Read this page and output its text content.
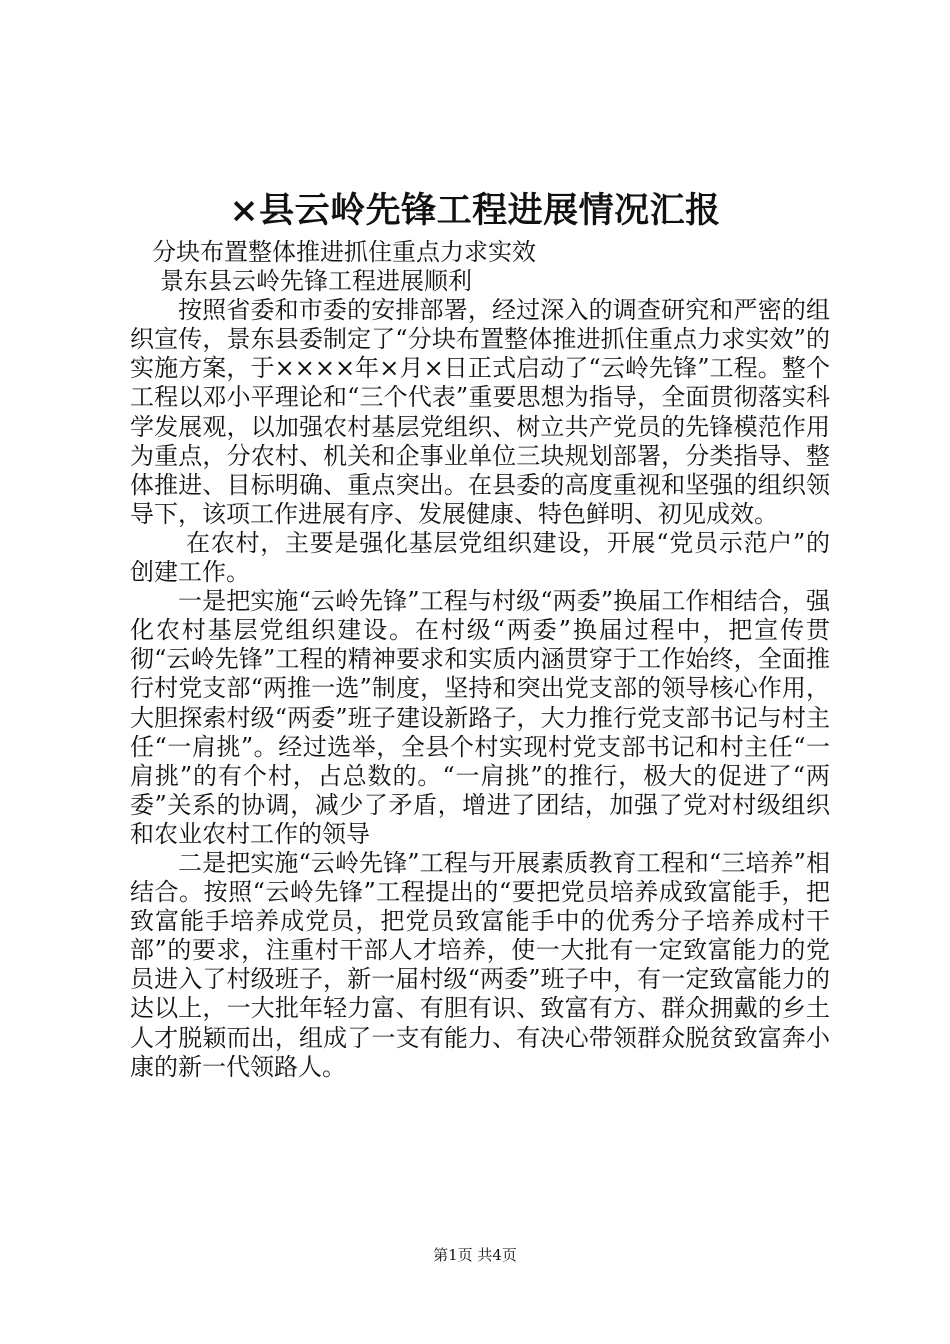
×县云岭先锋工程进展情况汇报

分块布置整体推进抓住重点力求实效

景东县云岭先锋工程进展顺利

按照省委和市委的安排部署，经过深入的调查研究和严密的组织宣传，景东县委制定了“分块布置整体推进抓住重点力求实效”的实施方案，于××××年×月×日正式启动了“云岭先锋”工程。整个工程以邓小平理论和“三个代表”重要思想为指导，全面贯彻落实科学发展观，以加强农村基层党组织、树立共产党员的先锋模范作用为重点，分农村、机关和企事业单位三块规划部署，分类指导、整体推进、目标明确、重点突出。在县委的高度重视和坚强的组织领导下，该项工作进展有序、发展健康、特色鲜明、初见成效。

在农村，主要是强化基层党组织建设，开展“党员示范户”的创建工作。

一是把实施“云岭先锋”工程与村级“两委”换届工作相结合，强化农村基层党组织建设。在村级“两委”换届过程中，把宣传贯彻“云岭先锋”工程的精神要求和实质内涵贯穿于工作始终，全面推行村党支部“两推一选”制度，坚持和突出党支部的领导核心作用，大胆探索村级“两委”班子建设新路子，大力推行党支部书记与村主任“一肩挑”。经过选举，全县个村实现村党支部书记和村主任“一肩挑”的有个村，占总数的。“一肩挑”的推行，极大的促进了“两委”关系的协调，减少了矛盾，增进了团结，加强了党对村级组织和农业农村工作的领导

二是把实施“云岭先锋”工程与开展素质教育工程和“三培养”相结合。按照“云岭先锋”工程提出的“要把党员培养成致富能手，把致富能手培养成党员，把党员致富能手中的优秀分子培养成村干部”的要求，注重村干部人才培养，使一大批有一定致富能力的党员进入了村级班子，新一届村级“两委”班子中，有一定致富能力的达以上，一大批年轻力富、有胆有识、致富有方、群众拥戴的乡土人才脱颖而出，组成了一支有能力、有决心带领群众脱贫致富奔小康的新一代领路人。

第1页 共4页
